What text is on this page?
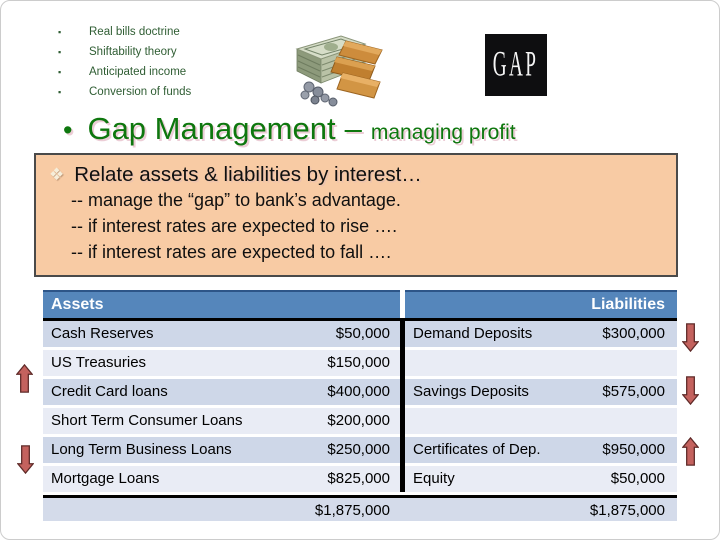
▪	Real bills doctrine
▪	Shiftability theory
▪	Anticipated income
▪	Conversion of funds
GAP
• Gap Management – managing profit
❖ Relate assets & liabilities by interest…
-- manage the “gap” to bank’s advantage.
-- if interest rates are expected to rise ….
-- if interest rates are expected to fall ….
Assets	Liabilities
Cash Reserves	$50,000	Demand Deposits	$300,000
US Treasuries	$150,000
Credit Card loans	$400,000	Savings Deposits	$575,000
Short Term Consumer Loans	$200,000
Long Term Business Loans	$250,000	Certificates of Dep.	$950,000
Mortgage Loans	$825,000	Equity	$50,000
$1,875,000	$1,875,000
